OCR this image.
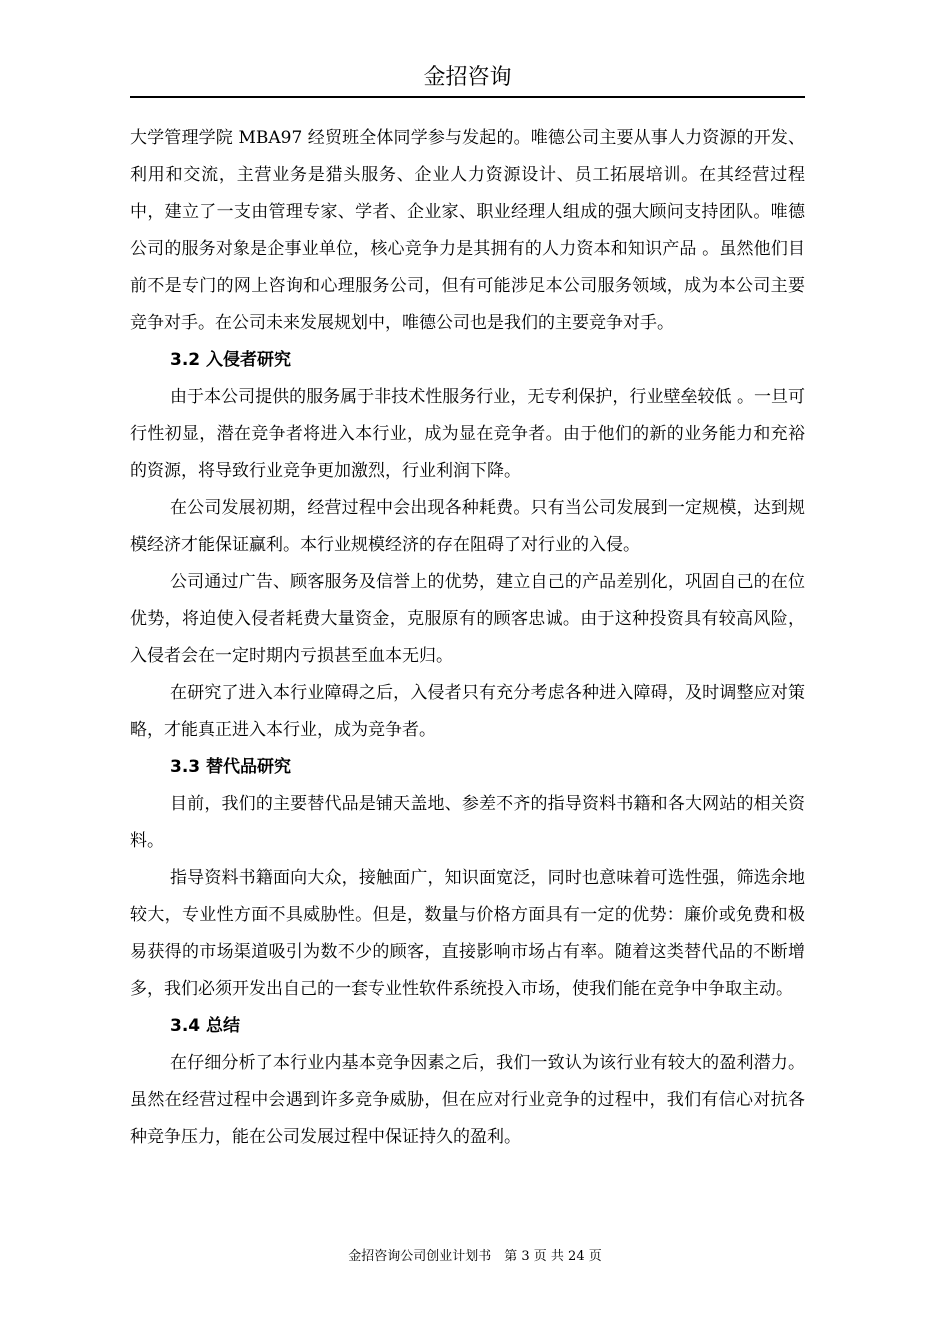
金招咨询

大学管理学院 MBA97 经贸班全体同学参与发起的。唯德公司主要从事人力资源的开发、利用和交流，主营业务是猎头服务、企业人力资源设计、员工拓展培训。在其经营过程中，建立了一支由管理专家、学者、企业家、职业经理人组成的强大顾问支持团队。唯德公司的服务对象是企事业单位，核心竞争力是其拥有的人力资本和知识产品 。虽然他们目前不是专门的网上咨询和心理服务公司，但有可能涉足本公司服务领域，成为本公司主要竞争对手。在公司未来发展规划中，唯德公司也是我们的主要竞争对手。

3.2 入侵者研究

由于本公司提供的服务属于非技术性服务行业，无专利保护，行业壁垒较低 。一旦可行性初显，潜在竞争者将进入本行业，成为显在竞争者。由于他们的新的业务能力和充裕的资源，将导致行业竞争更加激烈，行业利润下降。

在公司发展初期，经营过程中会出现各种耗费。只有当公司发展到一定规模，达到规模经济才能保证赢利。本行业规模经济的存在阻碍了对行业的入侵。

公司通过广告、顾客服务及信誉上的优势，建立自己的产品差别化，巩固自己的在位优势，将迫使入侵者耗费大量资金，克服原有的顾客忠诚。由于这种投资具有较高风险，入侵者会在一定时期内亏损甚至血本无归。

在研究了进入本行业障碍之后，入侵者只有充分考虑各种进入障碍，及时调整应对策略，才能真正进入本行业，成为竞争者。

3.3 替代品研究

目前，我们的主要替代品是铺天盖地、参差不齐的指导资料书籍和各大网站的相关资料。

指导资料书籍面向大众，接触面广，知识面宽泛，同时也意味着可选性强，筛选余地较大，专业性方面不具威胁性。但是，数量与价格方面具有一定的优势：廉价或免费和极易获得的市场渠道吸引为数不少的顾客，直接影响市场占有率。随着这类替代品的不断增多，我们必须开发出自己的一套专业性软件系统投入市场，使我们能在竞争中争取主动。

3.4 总结

在仔细分析了本行业内基本竞争因素之后，我们一致认为该行业有较大的盈利潜力。虽然在经营过程中会遇到许多竞争威胁，但在应对行业竞争的过程中，我们有信心对抗各种竞争压力，能在公司发展过程中保证持久的盈利。

金招咨询公司创业计划书　第 3 页 共 24 页
